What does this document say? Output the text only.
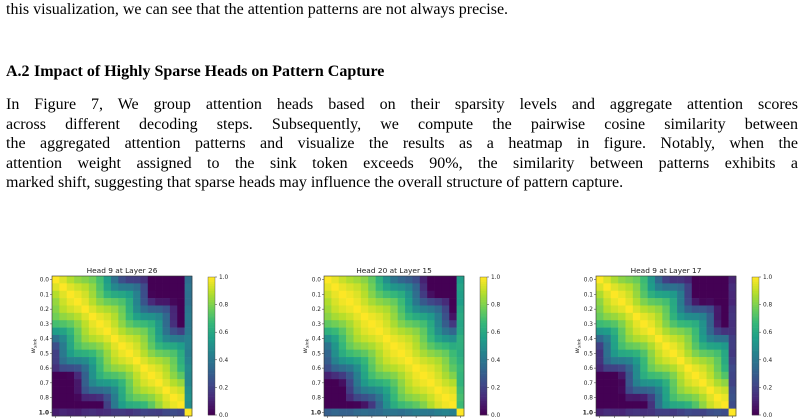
this visualization, we can see that the attention patterns are not always precise.

A.2 Impact of Highly Sparse Heads on Pattern Capture

In Figure 7, We group attention heads based on their sparsity levels and aggregate attention scores
across different decoding steps. Subsequently, we compute the pairwise cosine similarity between
the aggregated attention patterns and visualize the results as a heatmap in figure. Notably, when the
attention weight assigned to the sink token exceeds 90%, the similarity between patterns exhibits a
marked shift, suggesting that sparse heads may influence the overall structure of pattern capture.

Head 9 at Layer 26
0.0
0.1
0.2
0.3
0.4
0.5
0.6
0.7
0.8
1.0
$w_{sink}$
0.0
0.2
0.4
0.6
0.8
1.0
Head 20 at Layer 15
0.0
0.1
0.2
0.3
0.4
0.5
0.6
0.7
0.8
1.0
$w_{sink}$
0.0
0.2
0.4
0.6
0.8
1.0
Head 9 at Layer 17
0.0
0.1
0.2
0.3
0.4
0.5
0.6
0.7
0.8
1.0
$w_{sink}$
0.0
0.2
0.4
0.6
0.8
1.0
